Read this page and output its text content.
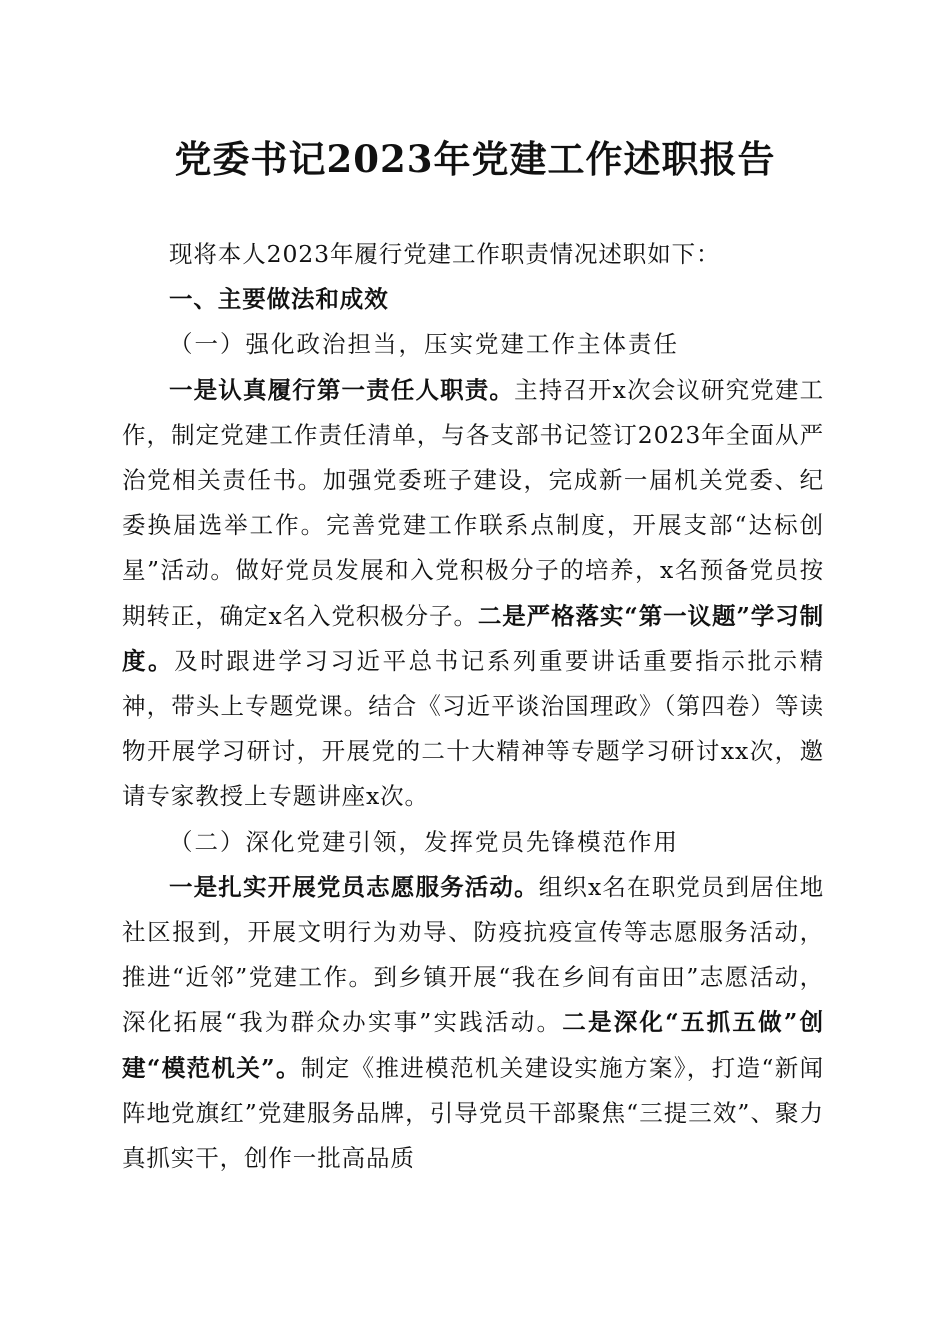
党委书记2023年党建工作述职报告

现将本人2023年履行党建工作职责情况述职如下：

一、主要做法和成效

（一）强化政治担当，压实党建工作主体责任

一是认真履行第一责任人职责。主持召开x次会议研究党建工作，制定党建工作责任清单，与各支部书记签订2023年全面从严治党相关责任书。加强党委班子建设，完成新一届机关党委、纪委换届选举工作。完善党建工作联系点制度，开展支部“达标创星”活动。做好党员发展和入党积极分子的培养，x名预备党员按期转正，确定x名入党积极分子。二是严格落实“第一议题”学习制度。及时跟进学习习近平总书记系列重要讲话重要指示批示精神，带头上专题党课。结合《习近平谈治国理政》（第四卷）等读物开展学习研讨，开展党的二十大精神等专题学习研讨xx次，邀请专家教授上专题讲座x次。

（二）深化党建引领，发挥党员先锋模范作用

一是扎实开展党员志愿服务活动。组织x名在职党员到居住地社区报到，开展文明行为劝导、防疫抗疫宣传等志愿服务活动，推进“近邻”党建工作。到乡镇开展“我在乡间有亩田”志愿活动，深化拓展“我为群众办实事”实践活动。二是深化“五抓五做”创建“模范机关”。制定《推进模范机关建设实施方案》，打造“新闻阵地党旗红”党建服务品牌，引导党员干部聚焦“三提三效”、聚力真抓实干，创作一批高品质
